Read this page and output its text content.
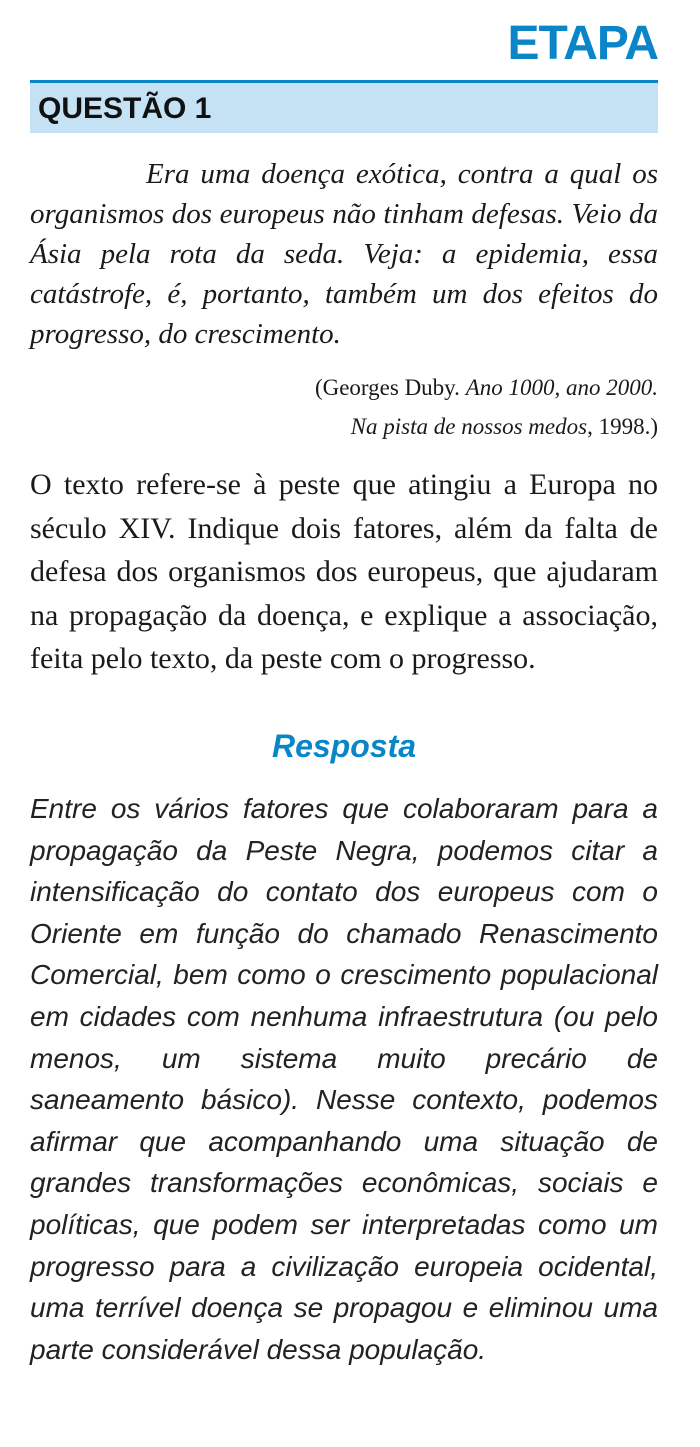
ETAPA
QUESTÃO 1

Era uma doença exótica, contra a qual os organismos dos europeus não tinham defesas. Veio da Ásia pela rota da seda. Veja: a epidemia, essa catástrofe, é, portanto, também um dos efeitos do progresso, do crescimento.

(Georges Duby. Ano 1000, ano 2000.
Na pista de nossos medos, 1998.)

O texto refere-se à peste que atingiu a Europa no século XIV. Indique dois fatores, além da falta de defesa dos organismos dos europeus, que ajudaram na propagação da doença, e explique a associação, feita pelo texto, da peste com o progresso.

Resposta

Entre os vários fatores que colaboraram para a propagação da Peste Negra, podemos citar a intensificação do contato dos europeus com o Oriente em função do chamado Renascimento Comercial, bem como o crescimento populacional em cidades com nenhuma infraestrutura (ou pelo menos, um sistema muito precário de saneamento básico). Nesse contexto, podemos afirmar que acompanhando uma situação de grandes transformações econômicas, sociais e políticas, que podem ser interpretadas como um progresso para a civilização europeia ocidental, uma terrível doença se propagou e eliminou uma parte considerável dessa população.
